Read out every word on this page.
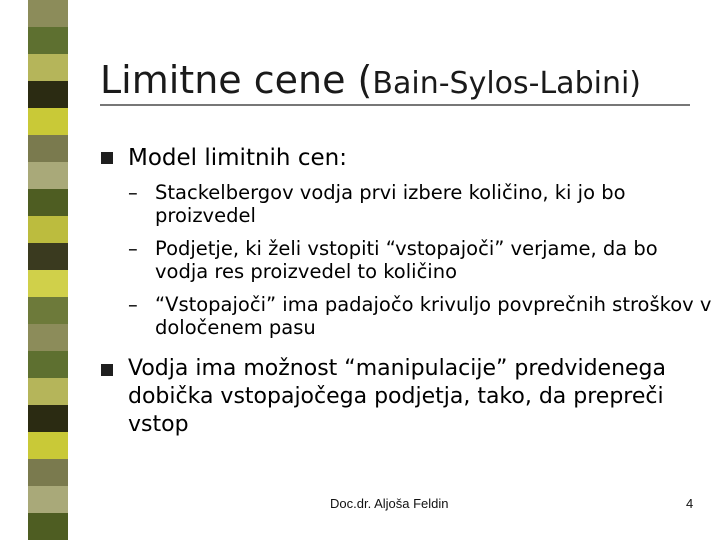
Limitne cene (Bain-Sylos-Labini)
Model limitnih cen:
– Stackelbergov vodja prvi izbere količino, ki jo bo proizvedel
– Podjetje, ki želi vstopiti “vstopajoči” verjame, da bo vodja res proizvedel to količino
– “Vstopajoči” ima padajočo krivuljo povprečnih stroškov v določenem pasu
Vodja ima možnost “manipulacije” predvidenega dobička vstopajočega podjetja, tako, da prepreči vstop
Doc.dr. Aljoša Feldin	4
